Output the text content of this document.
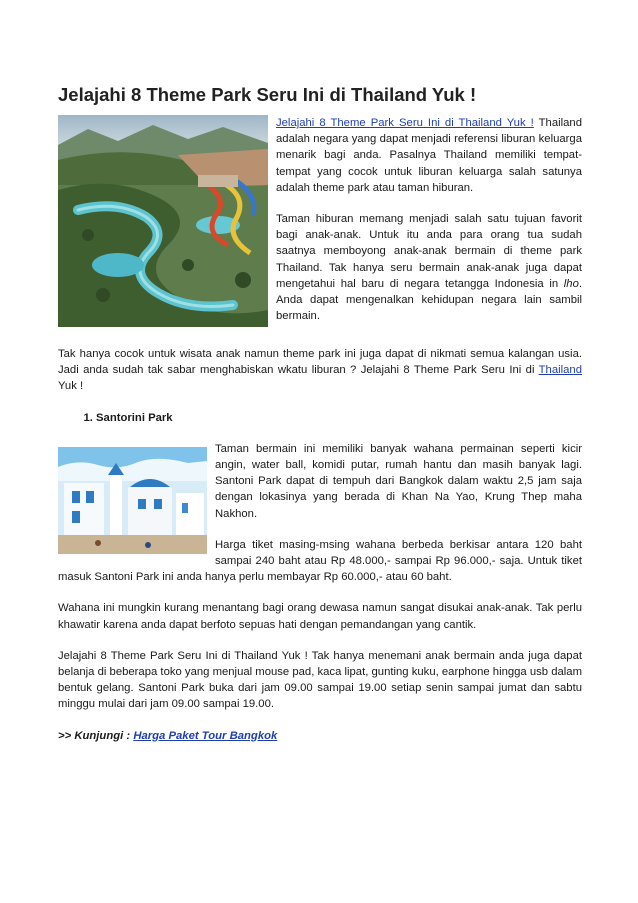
Jelajahi 8 Theme Park Seru Ini di Thailand Yuk !

Jelajahi 8 Theme Park Seru Ini di Thailand Yuk ! Thailand adalah negara yang dapat menjadi referensi liburan keluarga menarik bagi anda. Pasalnya Thailand memiliki tempat-tempat yang cocok untuk liburan keluarga salah satunya adalah theme park atau taman hiburan.

Taman hiburan memang menjadi salah satu tujuan favorit bagi anak-anak. Untuk itu anda para orang tua sudah saatnya memboyong anak-anak bermain di theme park Thailand. Tak hanya seru bermain anak-anak juga dapat mengetahui hal baru di negara tetangga Indonesia in lho. Anda dapat mengenalkan kehidupan negara lain sambil bermain.

Tak hanya cocok untuk wisata anak namun theme park ini juga dapat di nikmati semua kalangan usia. Jadi anda sudah tak sabar menghabiskan wkatu liburan ? Jelajahi 8 Theme Park Seru Ini di Thailand Yuk !

1. Santorini Park

Taman bermain ini memiliki banyak wahana permainan seperti kicir angin, water ball, komidi putar, rumah hantu dan masih banyak lagi. Santoni Park dapat di tempuh dari Bangkok dalam waktu 2,5 jam saja dengan lokasinya yang berada di Khan Na Yao, Krung Thep maha Nakhon.

Harga tiket masing-msing wahana berbeda berkisar antara 120 baht sampai 240 baht atau Rp 48.000,- sampai Rp 96.000,- saja. Untuk tiket masuk Santoni Park ini anda hanya perlu membayar Rp 60.000,- atau 60 baht.

Wahana ini mungkin kurang menantang bagi orang dewasa namun sangat disukai anak-anak. Tak perlu khawatir karena anda dapat berfoto sepuas hati dengan pemandangan yang cantik.

Jelajahi 8 Theme Park Seru Ini di Thailand Yuk ! Tak hanya menemani anak bermain anda juga dapat belanja di beberapa toko yang menjual mouse pad, kaca lipat, gunting kuku, earphone hingga usb dalam bentuk gelang. Santoni Park buka dari jam 09.00 sampai 19.00 setiap senin sampai jumat dan sabtu minggu mulai dari jam 09.00 sampai 19.00.

>> Kunjungi : Harga Paket Tour Bangkok
